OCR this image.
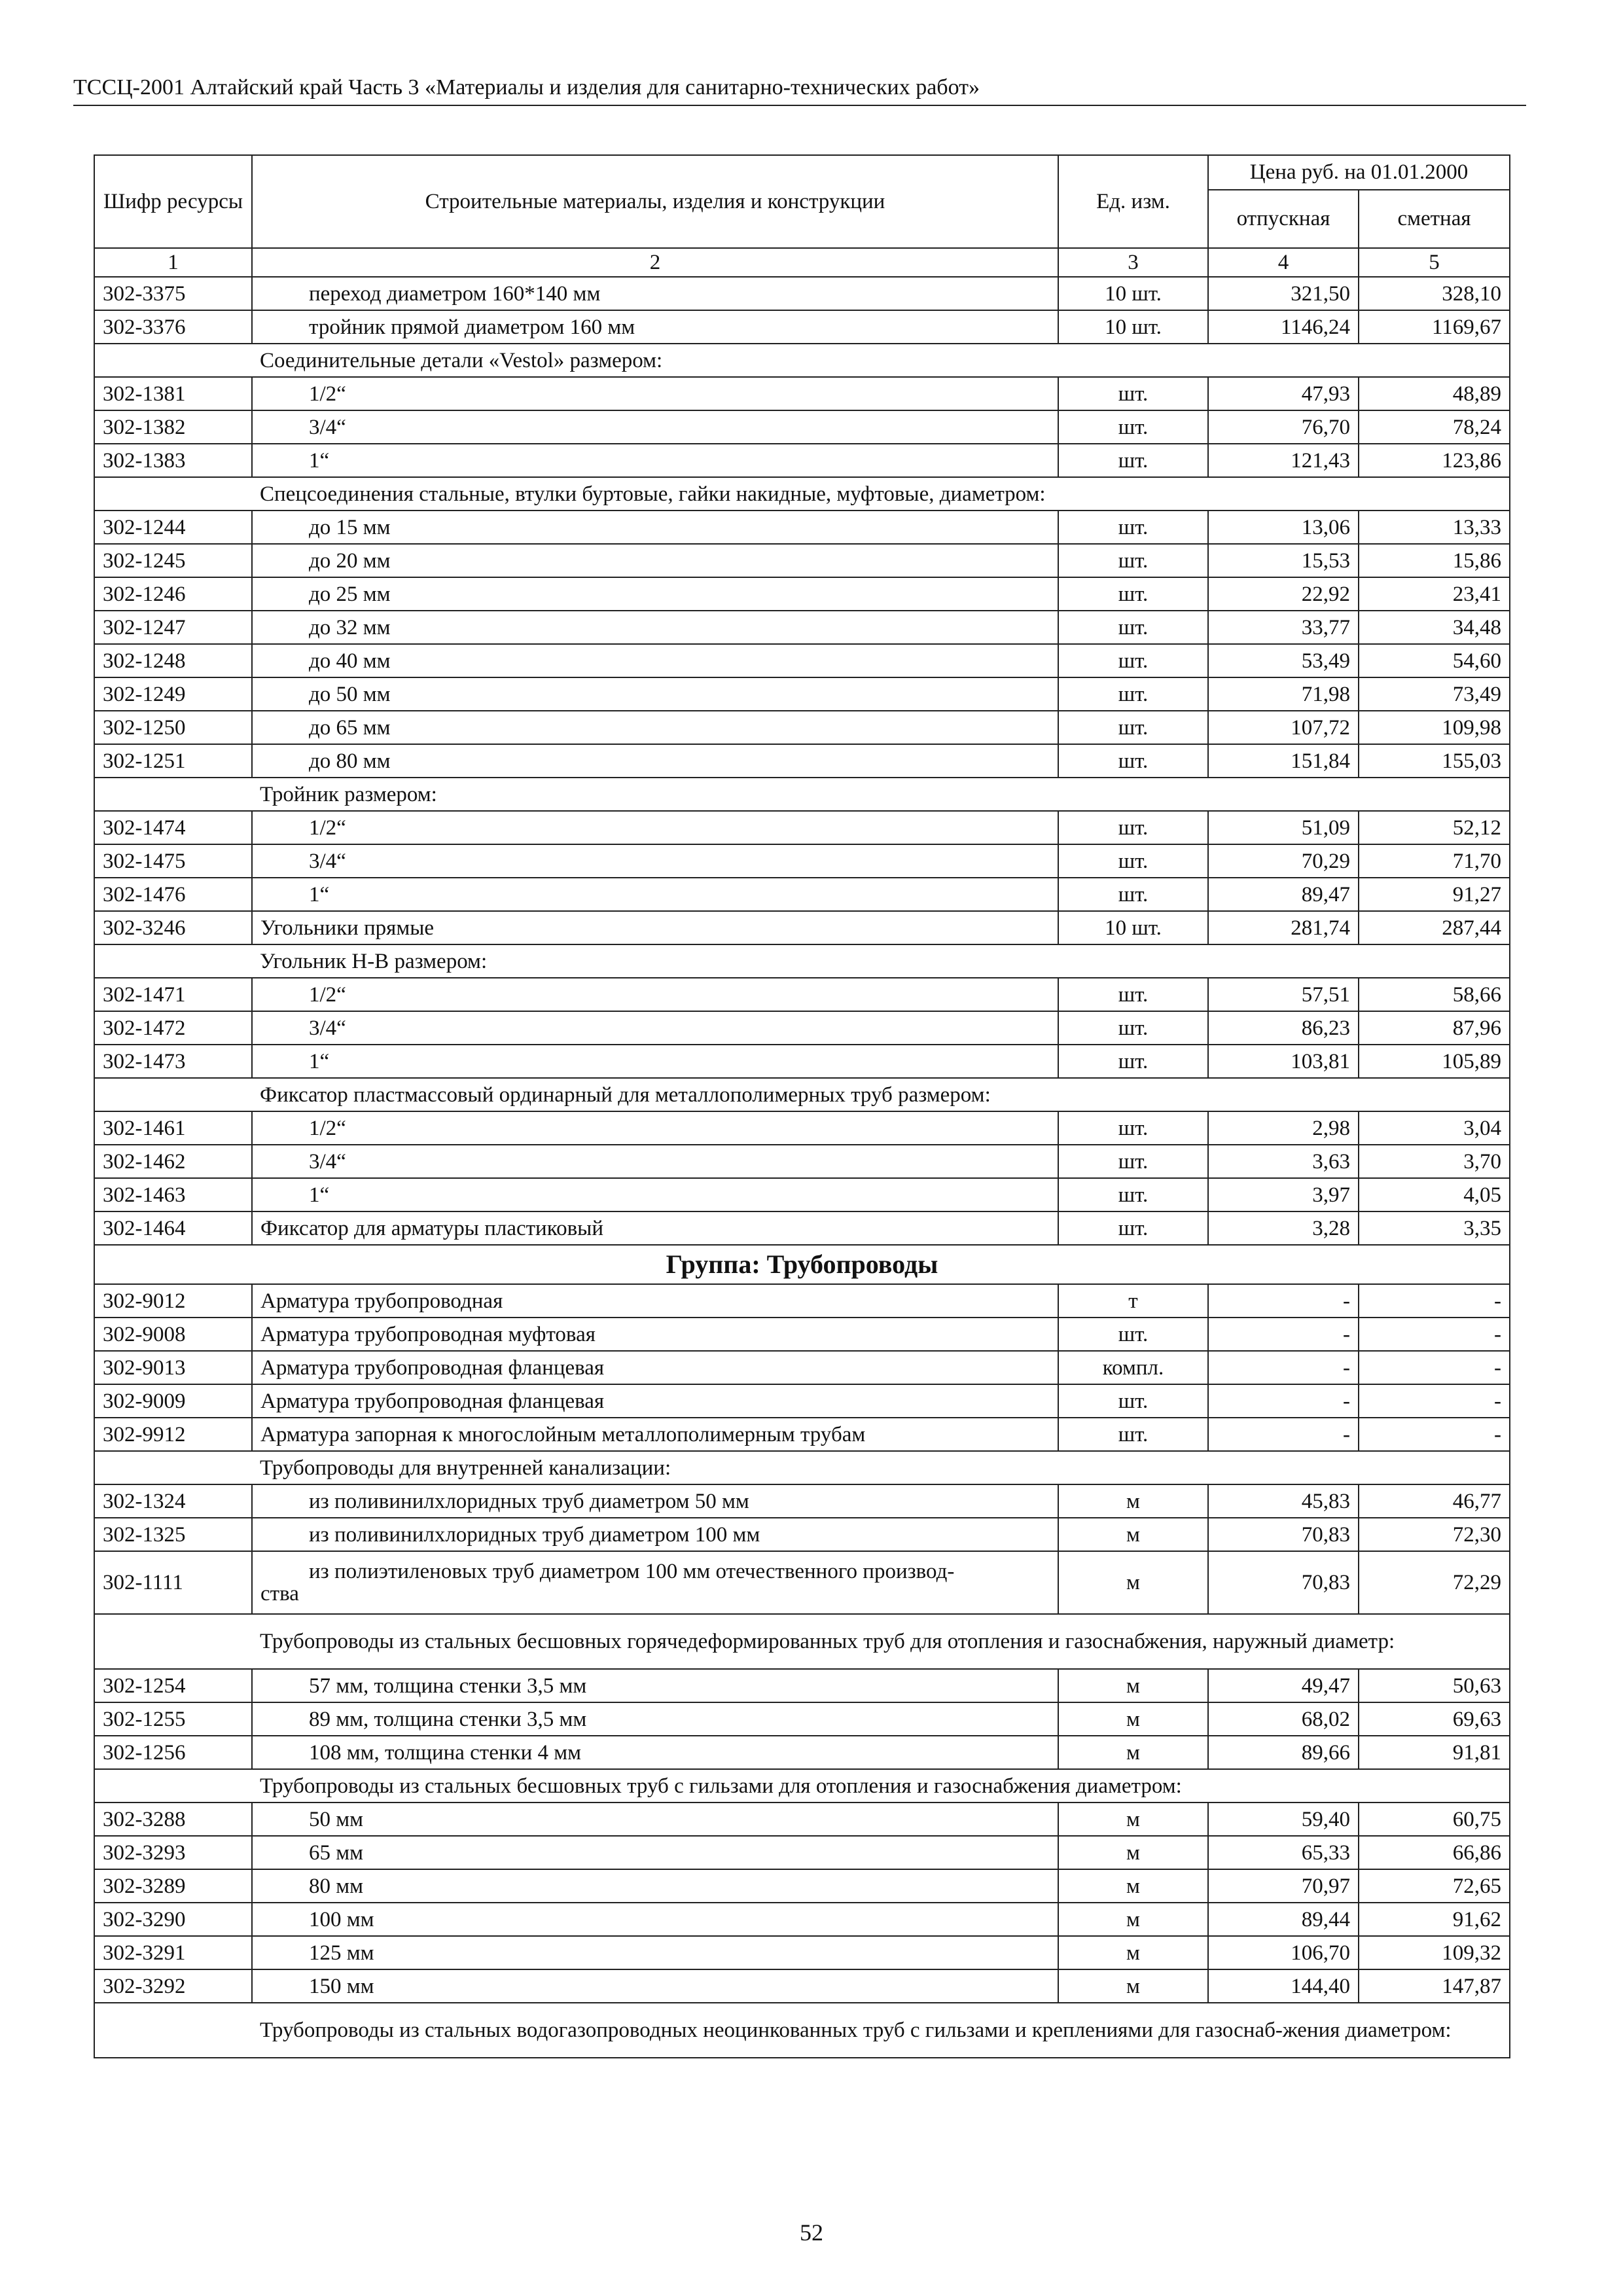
ТССЦ-2001 Алтайский край Часть 3 «Материалы и изделия для санитарно-технических работ»
Шифр ресурсы	Строительные материалы, изделия и конструкции	Ед. изм.	Цена руб. на 01.01.2000	
			отпускная	сметная
1	2	3	4	5
302-3375	переход диаметром 160*140 мм	10 шт.	321,50	328,10
302-3376	тройник прямой диаметром 160 мм	10 шт.	1146,24	1169,67
	Соединительные детали «Vestol» размером:			
302-1381	1/2“	шт.	47,93	48,89
302-1382	3/4“	шт.	76,70	78,24
302-1383	1“	шт.	121,43	123,86
	Спецсоединения стальные, втулки буртовые, гайки накидные, муфтовые, диаметром:			
302-1244	до 15 мм	шт.	13,06	13,33
302-1245	до 20 мм	шт.	15,53	15,86
302-1246	до 25 мм	шт.	22,92	23,41
302-1247	до 32 мм	шт.	33,77	34,48
302-1248	до 40 мм	шт.	53,49	54,60
302-1249	до 50 мм	шт.	71,98	73,49
302-1250	до 65 мм	шт.	107,72	109,98
302-1251	до 80 мм	шт.	151,84	155,03
	Тройник размером:			
302-1474	1/2“	шт.	51,09	52,12
302-1475	3/4“	шт.	70,29	71,70
302-1476	1“	шт.	89,47	91,27
302-3246	Угольники прямые	10 шт.	281,74	287,44
	Угольник Н-В размером:			
302-1471	1/2“	шт.	57,51	58,66
302-1472	3/4“	шт.	86,23	87,96
302-1473	1“	шт.	103,81	105,89
	Фиксатор пластмассовый ординарный для металлополимерных труб размером:			
302-1461	1/2“	шт.	2,98	3,04
302-1462	3/4“	шт.	3,63	3,70
302-1463	1“	шт.	3,97	4,05
302-1464	Фиксатор для арматуры пластиковый	шт.	3,28	3,35
Группа: Трубопроводы				
302-9012	Арматура трубопроводная	т	-	-
302-9008	Арматура трубопроводная муфтовая	шт.	-	-
302-9013	Арматура трубопроводная фланцевая	компл.	-	-
302-9009	Арматура трубопроводная фланцевая	шт.	-	-
302-9912	Арматура запорная к многослойным металлополимерным трубам	шт.	-	-
	Трубопроводы для внутренней канализации:			
302-1324	из поливинилхлоридных труб диаметром 50 мм	м	45,83	46,77
302-1325	из поливинилхлоридных труб диаметром 100 мм	м	70,83	72,30
302-1111	из полиэтиленовых труб диаметром 100 мм отечественного производ-
ства	м	70,83	72,29
	Трубопроводы из стальных бесшовных горячедеформированных труб для отопления и газоснабжения, наружный диаметр:			
302-1254	57 мм, толщина стенки 3,5 мм	м	49,47	50,63
302-1255	89 мм, толщина стенки 3,5 мм	м	68,02	69,63
302-1256	108 мм, толщина стенки 4 мм	м	89,66	91,81
	Трубопроводы из стальных бесшовных труб с гильзами для отопления и газоснабжения диаметром:			
302-3288	50 мм	м	59,40	60,75
302-3293	65 мм	м	65,33	66,86
302-3289	80 мм	м	70,97	72,65
302-3290	100 мм	м	89,44	91,62
302-3291	125 мм	м	106,70	109,32
302-3292	150 мм	м	144,40	147,87
	Трубопроводы из стальных водогазопроводных неоцинкованных труб с гильзами и креплениями для газоснаб-жения диаметром:			
52
